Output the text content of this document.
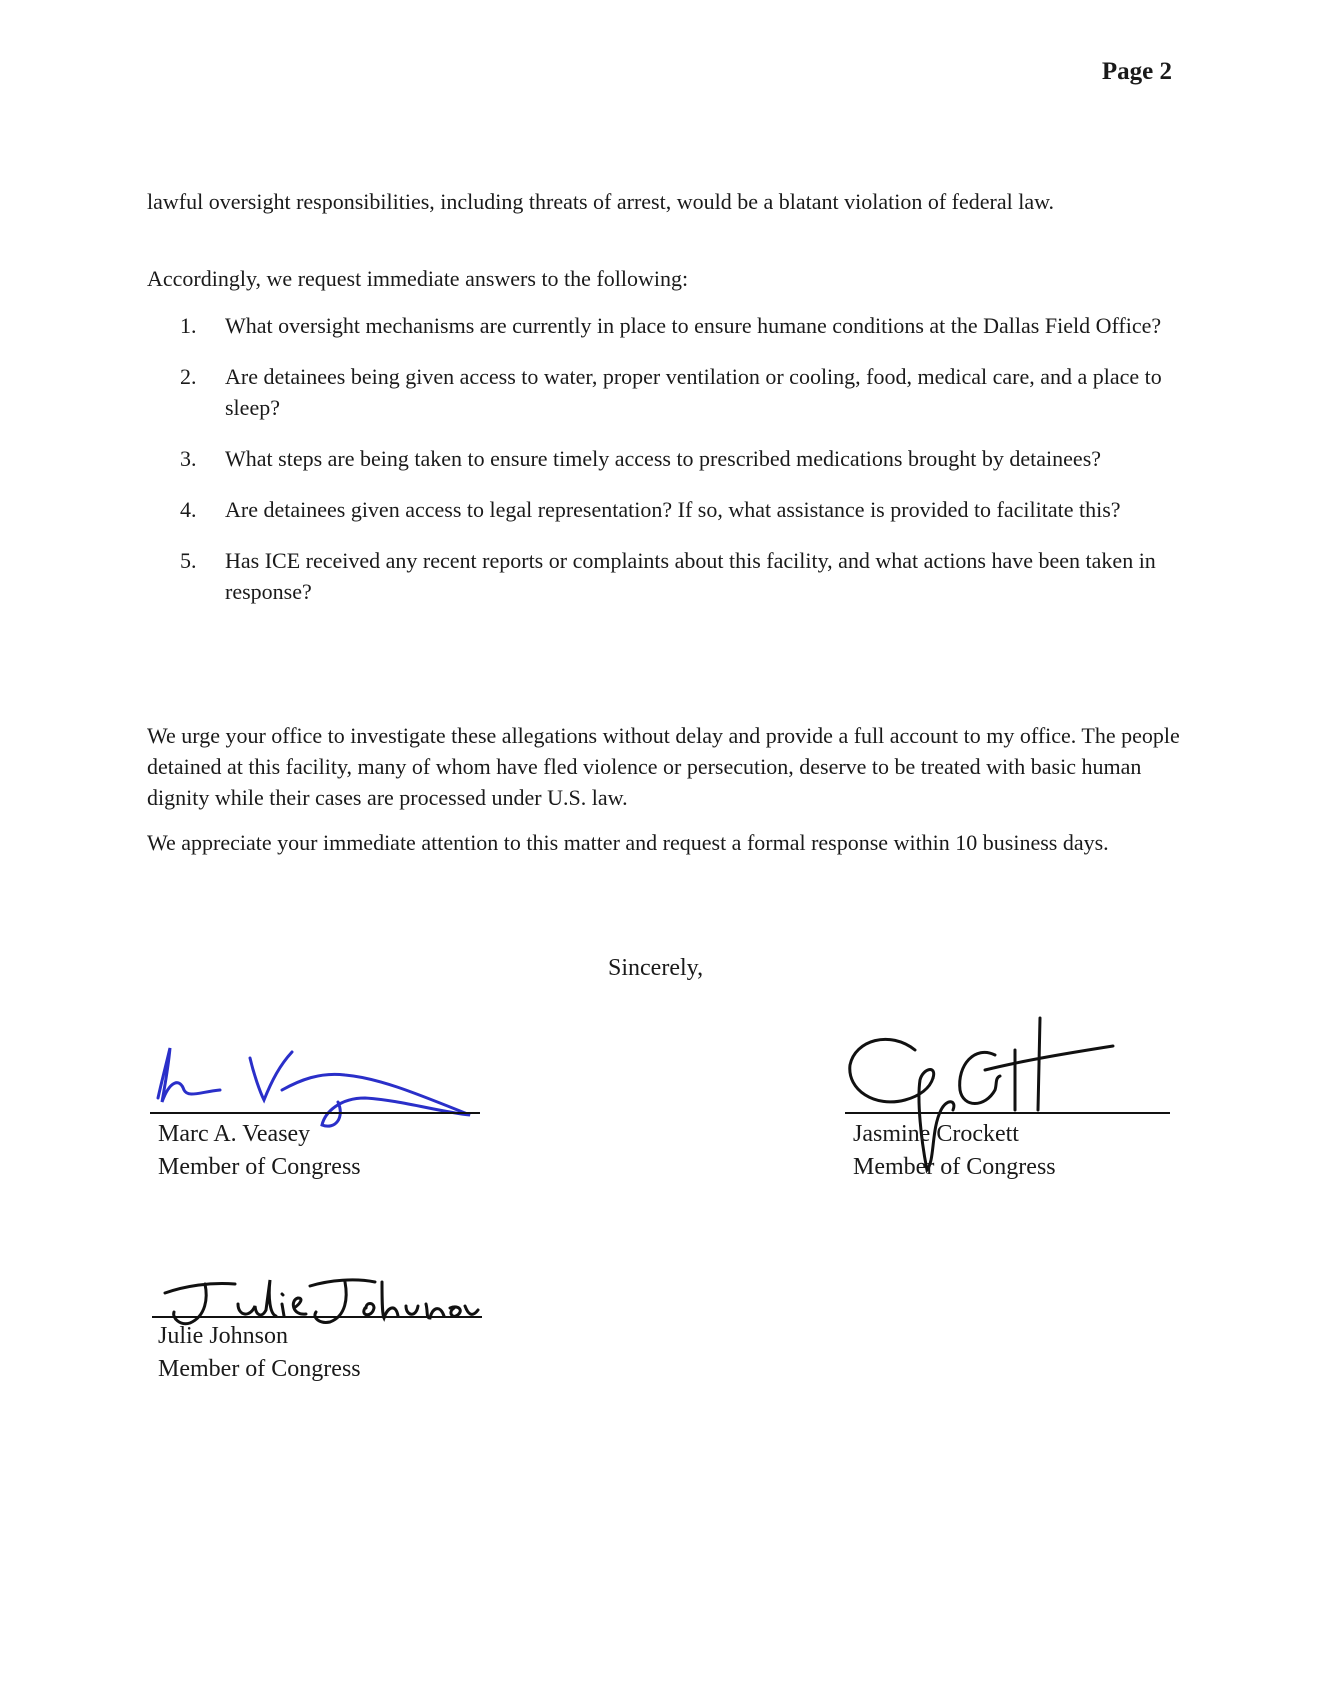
Page 2

lawful oversight responsibilities, including threats of arrest, would be a blatant violation of federal law.

Accordingly, we request immediate answers to the following:

1.	What oversight mechanisms are currently in place to ensure humane conditions at the Dallas Field Office?
2.	Are detainees being given access to water, proper ventilation or cooling, food, medical care, and a place to sleep?
3.	What steps are being taken to ensure timely access to prescribed medications brought by detainees?
4.	Are detainees given access to legal representation? If so, what assistance is provided to facilitate this?
5.	Has ICE received any recent reports or complaints about this facility, and what actions have been taken in response?

We urge your office to investigate these allegations without delay and provide a full account to my office. The people detained at this facility, many of whom have fled violence or persecution, deserve to be treated with basic human dignity while their cases are processed under U.S. law.

We appreciate your immediate attention to this matter and request a formal response within 10 business days.

Sincerely,
Marc A. Veasey
Member of Congress
Jasmine Crockett
Member of Congress
Julie Johnson
Member of Congress
